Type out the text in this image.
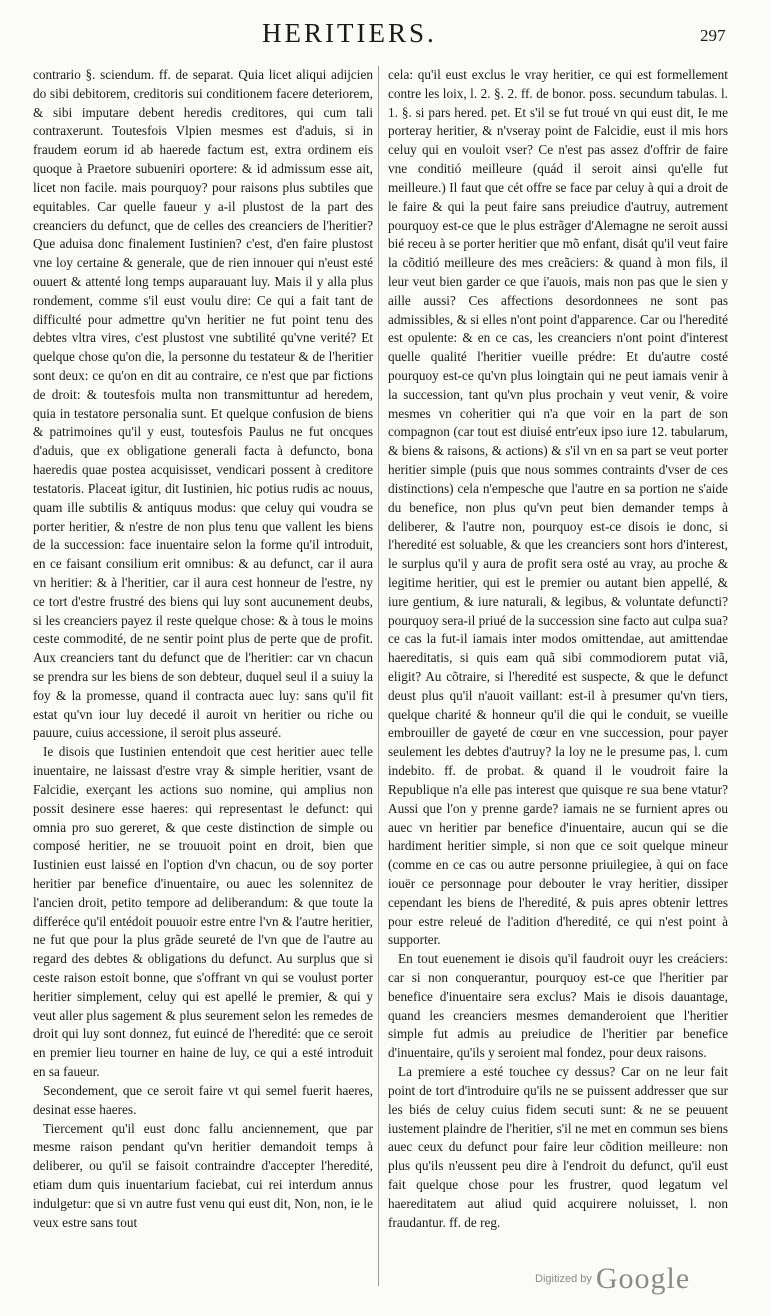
HERITIERS.	297

contrario §. sciendum. ff. de separat. Quia licet aliqui adijcien do sibi debitorem, creditoris sui conditionem facere deteriorem, & sibi imputare debent heredis creditores, qui cum tali contraxerunt. Toutesfois Vlpien mesmes est d'aduis, si in fraudem eorum id ab haerede factum est, extra ordinem eis quoque à Praetore subueniri oportere: & id admissum esse ait, licet non facile. mais pourquoy? pour raisons plus subtiles que equitables. Car quelle faueur y a-il plustost de la part des creanciers du defunct, que de celles des creanciers de l'heritier? Que aduisa donc finalement Iustinien? c'est, d'en faire plustost vne loy certaine & generale, que de rien innouer qui n'eust esté ouuert & attenté long temps auparauant luy. Mais il y alla plus rondement, comme s'il eust voulu dire: Ce qui a fait tant de difficulté pour admettre qu'vn heritier ne fut point tenu des debtes vltra vires, c'est plustost vne subtilité qu'vne verité? Et quelque chose qu'on die, la personne du testateur & de l'heritier sont deux: ce qu'on en dit au contraire, ce n'est que par fictions de droit: & toutesfois multa non transmittuntur ad heredem, quia in testatore personalia sunt. Et quelque confusion de biens & patrimoines qu'il y eust, toutesfois Paulus ne fut oncques d'aduis, que ex obligatione generali facta à defuncto, bona haeredis quae postea acquisisset, vendicari possent à creditore testatoris. Placeat igitur, dit Iustinien, hic potius rudis ac nouus, quam ille subtilis & antiquus modus: que celuy qui voudra se porter heritier, & n'estre de non plus tenu que vallent les biens de la succession: face inuentaire selon la forme qu'il introduit, en ce faisant consilium erit omnibus: & au defunct, car il aura vn heritier: & à l'heritier, car il aura cest honneur de l'estre, ny ce tort d'estre frustré des biens qui luy sont aucunement deubs, si les creanciers payez il reste quelque chose: & à tous le moins ceste commodité, de ne sentir point plus de perte que de profit. Aux creanciers tant du defunct que de l'heritier: car vn chacun se prendra sur les biens de son debteur, duquel seul il a suiuy la foy & la promesse, quand il contracta auec luy: sans qu'il fit estat qu'vn iour luy decedé il auroit vn heritier ou riche ou pauure, cuius accessione, il seroit plus asseuré.

Ie disois que Iustinien entendoit que cest heritier auec telle inuentaire, ne laissast d'estre vray & simple heritier, vsant de Falcidie, exerçant les actions suo nomine, qui amplius non possit desinere esse haeres: qui representast le defunct: qui omnia pro suo gereret, & que ceste distinction de simple ou composé heritier, ne se trouuoit point en droit, bien que Iustinien eust laissé en l'option d'vn chacun, ou de soy porter heritier par benefice d'inuentaire, ou auec les solennitez de l'ancien droit, petito tempore ad deliberandum: & que toute la differéce qu'il entédoit pouuoir estre entre l'vn & l'autre heritier, ne fut que pour la plus grãde seureté de l'vn que de l'autre au regard des debtes & obligations du defunct. Au surplus que si ceste raison estoit bonne, que s'offrant vn qui se voulust porter heritier simplement, celuy qui est apellé le premier, & qui y veut aller plus sagement & plus seurement selon les remedes de droit qui luy sont donnez, fut euincé de l'heredité: que ce seroit en premier lieu tourner en haine de luy, ce qui a esté introduit en sa faueur.

Secondement, que ce seroit faire vt qui semel fuerit haeres, desinat esse haeres.

Tiercement qu'il eust donc fallu anciennement, que par mesme raison pendant qu'vn heritier demandoit temps à deliberer, ou qu'il se faisoit contraindre d'accepter l'heredité, etiam dum quis inuentarium faciebat, cui rei interdum annus indulgetur: que si vn autre fust venu qui eust dit, Non, non, ie le veux estre sans tout

cela: qu'il eust exclus le vray heritier, ce qui est formellement contre les loix, l. 2. §. 2. ff. de bonor. poss. secundum tabulas. l. 1. §. si pars hered. pet. Et s'il se fut troué vn qui eust dit, Ie me porteray heritier, & n'vseray point de Falcidie, eust il mis hors celuy qui en vouloit vser? Ce n'est pas assez d'offrir de faire vne conditió meilleure (quád il seroit ainsi qu'elle fut meilleure.) Il faut que cét offre se face par celuy à qui a droit de le faire & qui la peut faire sans preiudice d'autruy, autrement pourquoy est-ce que le plus estrãger d'Alemagne ne seroit aussi bié receu à se porter heritier que mõ enfant, disát qu'il veut faire la cõditió meilleure des mes creãciers: & quand à mon fils, il leur veut bien garder ce que i'auois, mais non pas que le sien y aille aussi? Ces affections desordonnees ne sont pas admissibles, & si elles n'ont point d'apparence. Car ou l'heredité est opulente: & en ce cas, les creanciers n'ont point d'interest quelle qualité l'heritier vueille prédre: Et du'autre costé pourquoy est-ce qu'vn plus loingtain qui ne peut iamais venir à la succession, tant qu'vn plus prochain y veut venir, & voire mesmes vn coheritier qui n'a que voir en la part de son compagnon (car tout est diuisé entr'eux ipso iure 12. tabularum, & biens & raisons, & actions) & s'il vn en sa part se veut porter heritier simple (puis que nous sommes contraints d'vser de ces distinctions) cela n'empesche que l'autre en sa portion ne s'aide du benefice, non plus qu'vn peut bien demander temps à deliberer, & l'autre non, pourquoy est-ce disois ie donc, si l'heredité est soluable, & que les creanciers sont hors d'interest, le surplus qu'il y aura de profit sera osté au vray, au proche & legitime heritier, qui est le premier ou autant bien appellé, & iure gentium, & iure naturali, & legibus, & voluntate defuncti? pourquoy sera-il priué de la succession sine facto aut culpa sua? ce cas la fut-il iamais inter modos omittendae, aut amittendae haereditatis, si quis eam quã sibi commodiorem putat viã, eligit? Au cõtraire, si l'heredité est suspecte, & que le defunct deust plus qu'il n'auoit vaillant: est-il à presumer qu'vn tiers, quelque charité & honneur qu'il die qui le conduit, se vueille embrouiller de gayeté de cœur en vne succession, pour payer seulement les debtes d'autruy? la loy ne le presume pas, l. cum indebito. ff. de probat. & quand il le voudroit faire la Republique n'a elle pas interest que quisque re sua bene vtatur? Aussi que l'on y prenne garde? iamais ne se furnient apres ou auec vn heritier par benefice d'inuentaire, aucun qui se die hardiment heritier simple, si non que ce soit quelque mineur (comme en ce cas ou autre personne priuilegiee, à qui on face iouër ce personnage pour debouter le vray heritier, dissiper cependant les biens de l'heredité, & puis apres obtenir lettres pour estre releué de l'adition d'heredité, ce qui n'est point à supporter.

En tout euenement ie disois qu'il faudroit ouyr les creáciers: car si non conquerantur, pourquoy est-ce que l'heritier par benefice d'inuentaire sera exclus? Mais ie disois dauantage, quand les creanciers mesmes demanderoient que l'heritier simple fut admis au preiudice de l'heritier par benefice d'inuentaire, qu'ils y seroient mal fondez, pour deux raisons.

La premiere a esté touchee cy dessus? Car on ne leur fait point de tort d'introduire qu'ils ne se puissent addresser que sur les biés de celuy cuius fidem secuti sunt: & ne se peuuent iustement plaindre de l'heritier, s'il ne met en commun ses biens auec ceux du defunct pour faire leur cõdition meilleure: non plus qu'ils n'eussent peu dire à l'endroit du defunct, qu'il eust fait quelque chose pour les frustrer, quod legatum vel haereditatem aut aliud quid acquirere noluisset, l. non fraudantur. ff. de reg.

$^{Digitized by}$ Google
